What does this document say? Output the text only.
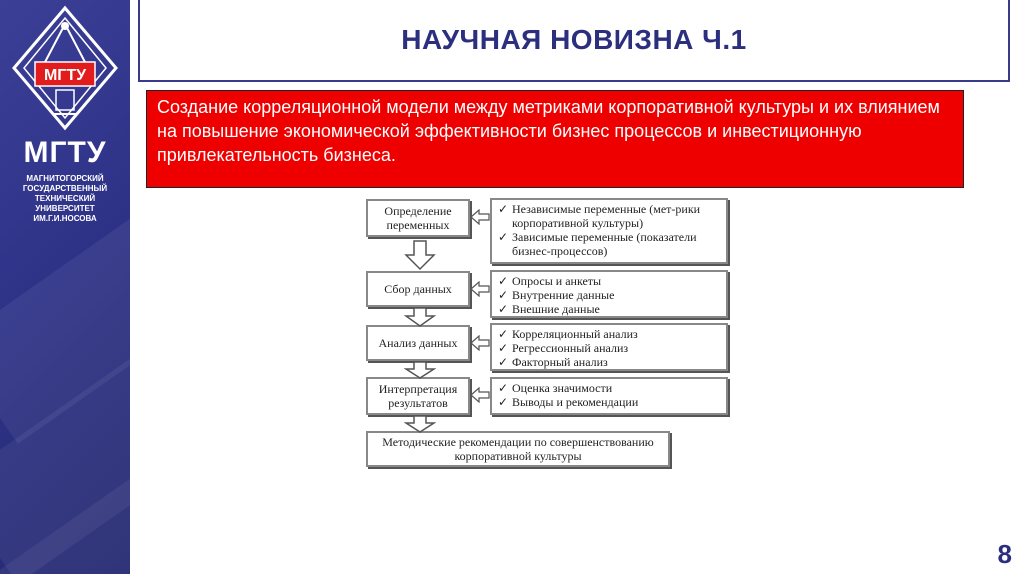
МГТУ
МГТУ
МАГНИТОГОРСКИЙ
ГОСУДАРСТВЕННЫЙ
ТЕХНИЧЕСКИЙ
УНИВЕРСИТЕТ
ИМ.Г.И.НОСОВА
НАУЧНАЯ НОВИЗНА Ч.1
Создание корреляционной модели между метриками корпоративной культуры и их влиянием на повышение экономической эффективности бизнес процессов и инвестиционную привлекательность бизнеса.
Определение переменных
✓ Независимые переменные (мет-рики корпоративной культуры)
✓ Зависимые переменные (показатели бизнес-процессов)
Сбор данных
✓ Опросы и анкеты
✓ Внутренние данные
✓ Внешние данные
Анализ данных
✓ Корреляционный анализ
✓ Регрессионный анализ
✓ Факторный анализ
Интерпретация результатов
✓ Оценка значимости
✓ Выводы и рекомендации
Методические рекомендации по совершенствованию корпоративной культуры
8
